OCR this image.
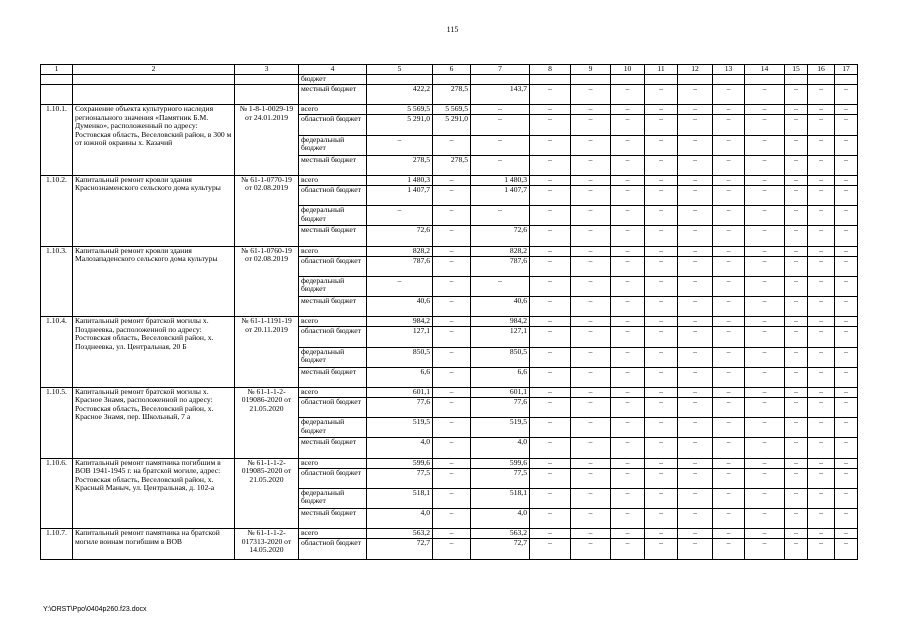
115
1	2	3	4	5	6	7	8	9	10	11	12	13	14	15	16	17
			бюджет													
			местный бюджет	422,2	278,5	143,7	–	–	–	–	–	–	–	–	–	–
1.10.1.	Сохранение объекта культурного наследия регионального значения «Памятник Б.М. Думенко», расположенный по адресу: Ростовская область, Веселовский район, в 300 м от южной окраины х. Казачий	№ 1-8-1-0029-19 от 24.01.2019	всего	5 569,5	5 569,5	–	–	–	–	–	–	–	–	–	–	–
			областной бюджет	5 291,0	5 291,0	–	–	–	–	–	–	–	–	–	–	–
			федеральный бюджет	–	–	–	–	–	–	–	–	–	–	–	–	–
			местный бюджет	278,5	278,5	–	–	–	–	–	–	–	–	–	–	–
1.10.2.	Капитальный ремонт кровли здания Краснознаменского сельского дома культуры	№ 61-1-0770-19 от 02.08.2019	всего	1 480,3	–	1 480,3	–	–	–	–	–	–	–	–	–	–
			областной бюджет	1 407,7	–	1 407,7	–	–	–	–	–	–	–	–	–	–
			федеральный бюджет	–	–	–	–	–	–	–	–	–	–	–	–	–
			местный бюджет	72,6	–	72,6	–	–	–	–	–	–	–	–	–	–
1.10.3.	Капитальный ремонт кровли здания Малозападенского сельского дома культуры	№ 61-1-0760-19 от 02.08.2019	всего	828,2	–	828,2	–	–	–	–	–	–	–	–	–	–
			областной бюджет	787,6	–	787,6	–	–	–	–	–	–	–	–	–	–
			федеральный бюджет	–	–	–	–	–	–	–	–	–	–	–	–	–
			местный бюджет	40,6	–	40,6	–	–	–	–	–	–	–	–	–	–
1.10.4.	Капитальный ремонт братской могилы х. Позднеевка, расположенной по адресу: Ростовская область, Веселовский район, х. Позднеевка, ул. Центральная, 20 Б	№ 61-1-1191-19 от 20.11.2019	всего	984,2	–	984,2	–	–	–	–	–	–	–	–	–	–
			областной бюджет	127,1	–	127,1	–	–	–	–	–	–	–	–	–	–
			федеральный бюджет	850,5	–	850,5	–	–	–	–	–	–	–	–	–	–
			местный бюджет	6,6	–	6,6	–	–	–	–	–	–	–	–	–	–
1.10.5.	Капитальный ремонт братской могилы х. Красное Знамя, расположенной по адресу: Ростовская область, Веселовский район, х. Красное Знамя, пер. Школьный, 7 а	№ 61-1-1-2-019086-2020 от 21.05.2020	всего	601,1	–	601,1	–	–	–	–	–	–	–	–	–	–
			областной бюджет	77,6	–	77,6	–	–	–	–	–	–	–	–	–	–
			федеральный бюджет	519,5	–	519,5	–	–	–	–	–	–	–	–	–	–
			местный бюджет	4,0	–	4,0	–	–	–	–	–	–	–	–	–	–
1.10.6.	Капитальный ремонт памятника погибшим в ВОВ 1941-1945 г. на братской могиле, адрес: Ростовская область, Веселовский район, х. Красный Маныч, ул. Центральная, д. 102-а	№ 61-1-1-2-019085-2020 от 21.05.2020	всего	599,6	–	599,6	–	–	–	–	–	–	–	–	–	–
			областной бюджет	77,5	–	77,5	–	–	–	–	–	–	–	–	–	–
			федеральный бюджет	518,1	–	518,1	–	–	–	–	–	–	–	–	–	–
			местный бюджет	4,0	–	4,0	–	–	–	–	–	–	–	–	–	–
1.10.7.	Капитальный ремонт памятника на братской могиле воинам погибшим в ВОВ	№ 61-1-1-2-017313-2020 от 14.05.2020	всего	563,2	–	563,2	–	–	–	–	–	–	–	–	–	–
			областной бюджет	72,7	–	72,7	–	–	–	–	–	–	–	–	–	–
Y:\ORST\Ppo\0404p260.f23.docx
